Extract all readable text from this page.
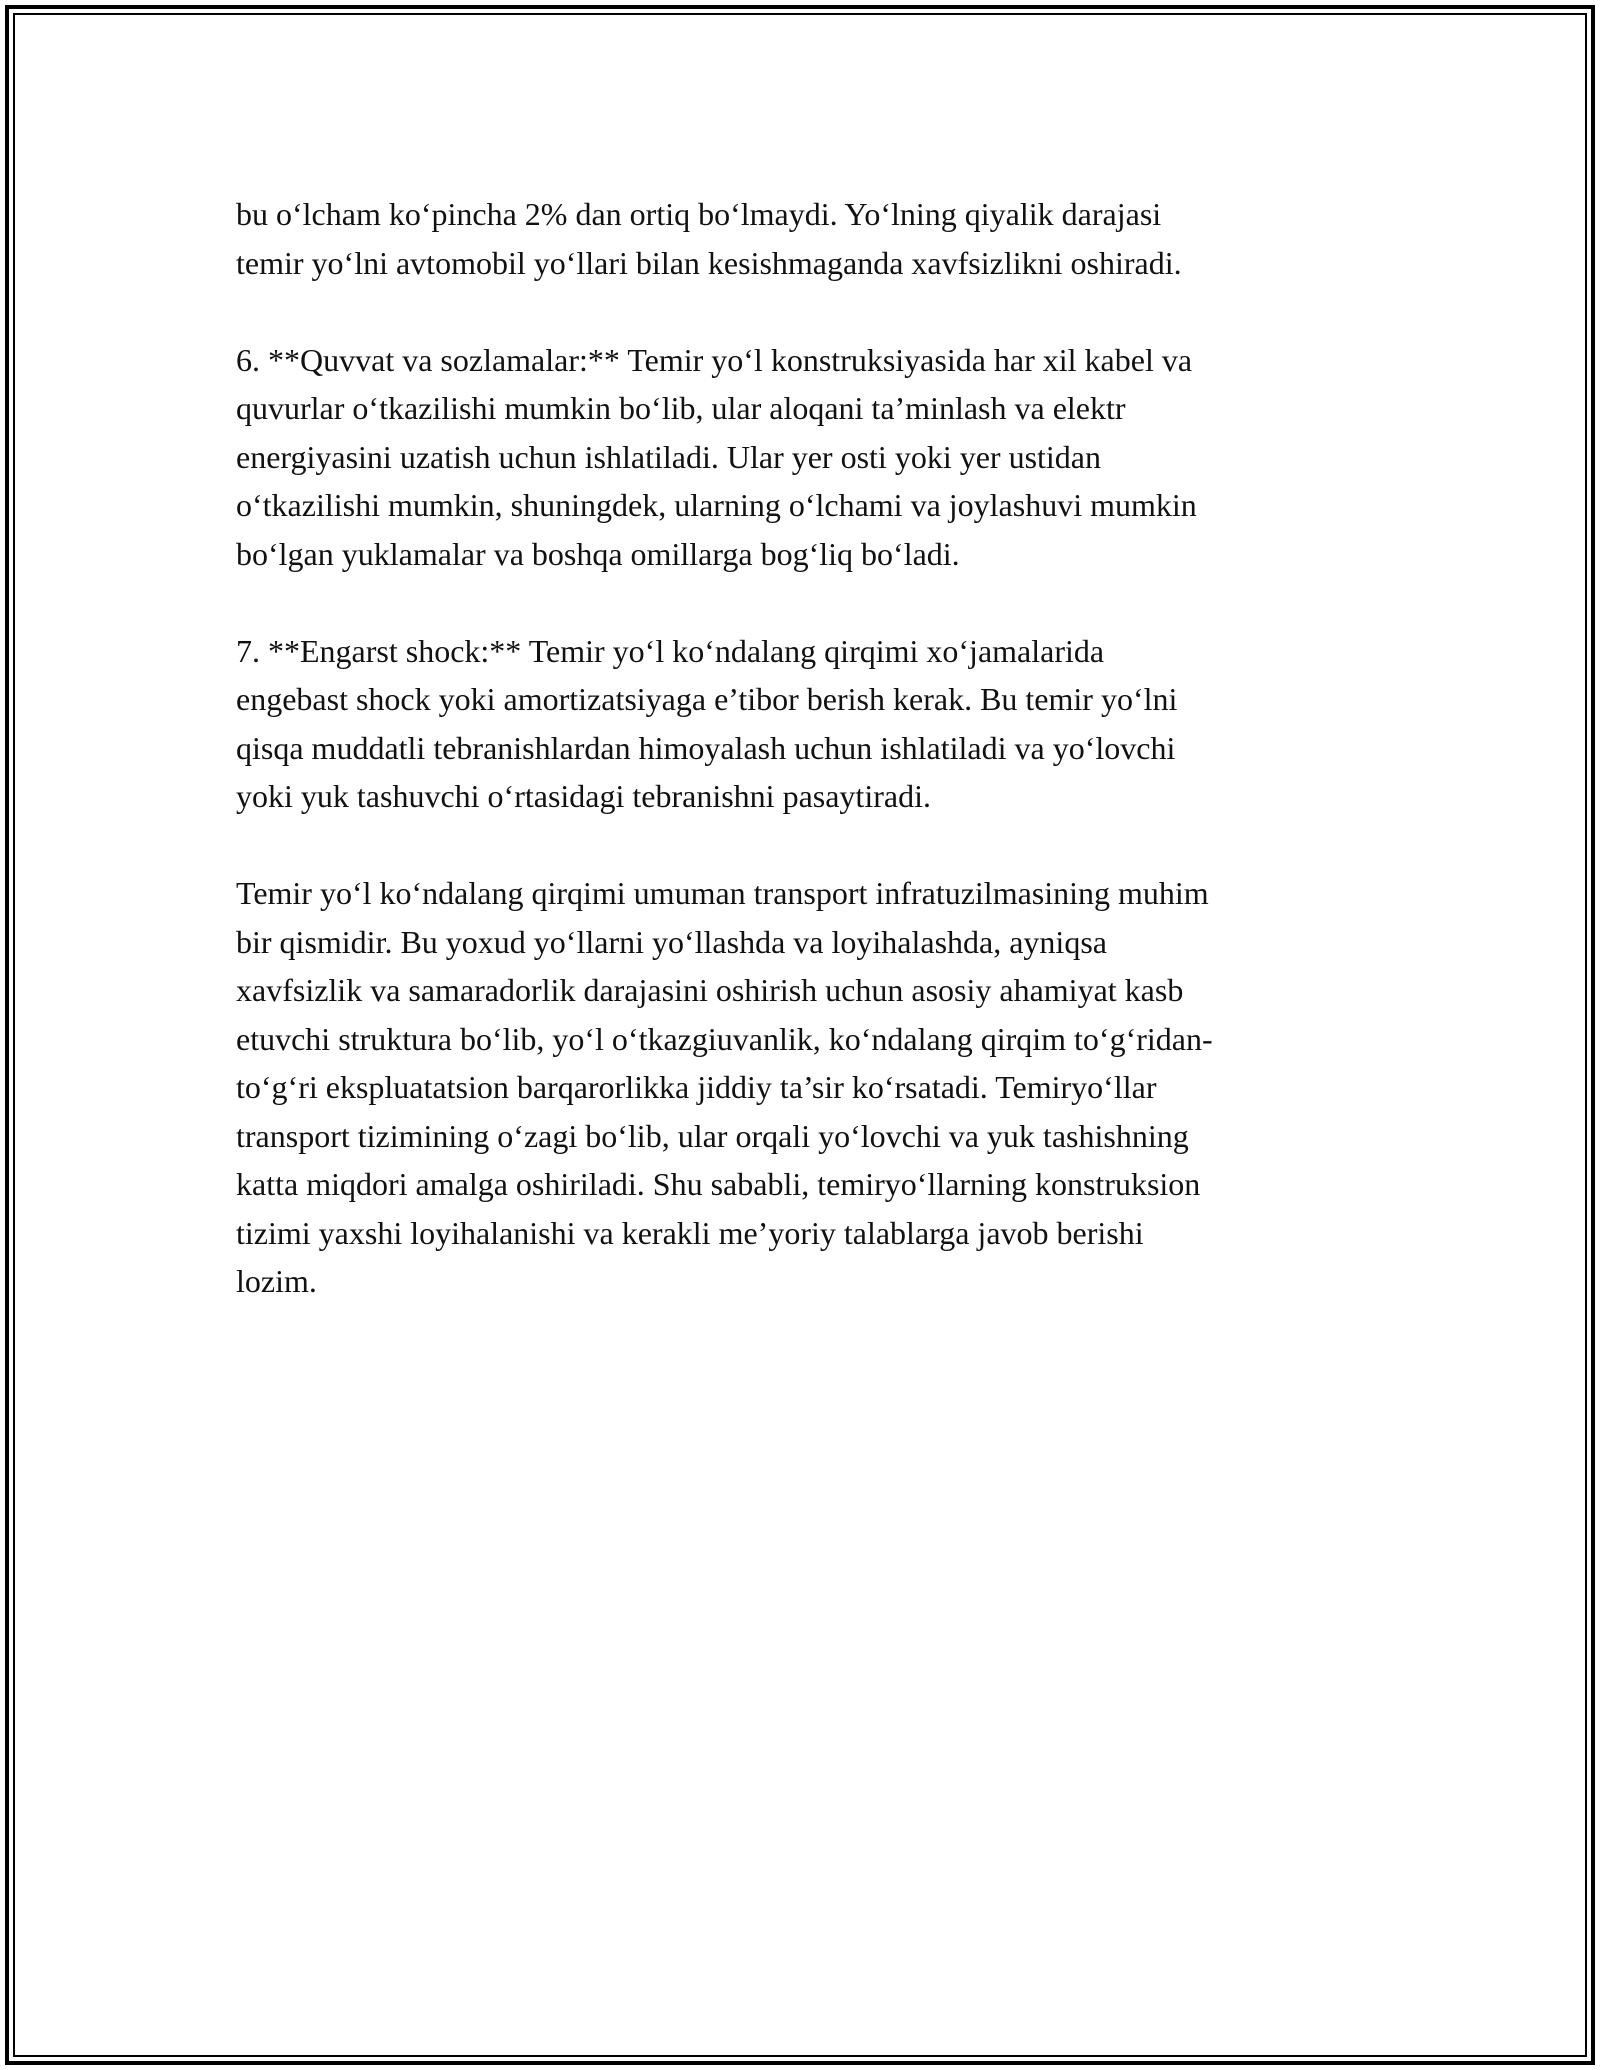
bu o‘lcham ko‘pincha 2% dan ortiq bo‘lmaydi. Yo‘lning qiyalik darajasi
temir yo‘lni avtomobil yo‘llari bilan kesishmaganda xavfsizlikni oshiradi.

6. **Quvvat va sozlamalar:** Temir yo‘l konstruksiyasida har xil kabel va
quvurlar o‘tkazilishi mumkin bo‘lib, ular aloqani ta’minlash va elektr
energiyasini uzatish uchun ishlatiladi. Ular yer osti yoki yer ustidan
o‘tkazilishi mumkin, shuningdek, ularning o‘lchami va joylashuvi mumkin
bo‘lgan yuklamalar va boshqa omillarga bog‘liq bo‘ladi.

7. **Engarst shock:** Temir yo‘l ko‘ndalang qirqimi xo‘jamalarida
engebast shock yoki amortizatsiyaga e’tibor berish kerak. Bu temir yo‘lni
qisqa muddatli tebranishlardan himoyalash uchun ishlatiladi va yo‘lovchi
yoki yuk tashuvchi o‘rtasidagi tebranishni pasaytiradi.

Temir yo‘l ko‘ndalang qirqimi umuman transport infratuzilmasining muhim
bir qismidir. Bu yoxud yo‘llarni yo‘llashda va loyihalashda, ayniqsa
xavfsizlik va samaradorlik darajasini oshirish uchun asosiy ahamiyat kasb
etuvchi struktura bo‘lib, yo‘l o‘tkazgiuvanlik, ko‘ndalang qirqim to‘g‘ridan-
to‘g‘ri ekspluatatsion barqarorlikka jiddiy ta’sir ko‘rsatadi. Temiryo‘llar
transport tizimining o‘zagi bo‘lib, ular orqali yo‘lovchi va yuk tashishning
katta miqdori amalga oshiriladi. Shu sababli, temiryo‘llarning konstruksion
tizimi yaxshi loyihalanishi va kerakli me’yoriy talablarga javob berishi
lozim.
